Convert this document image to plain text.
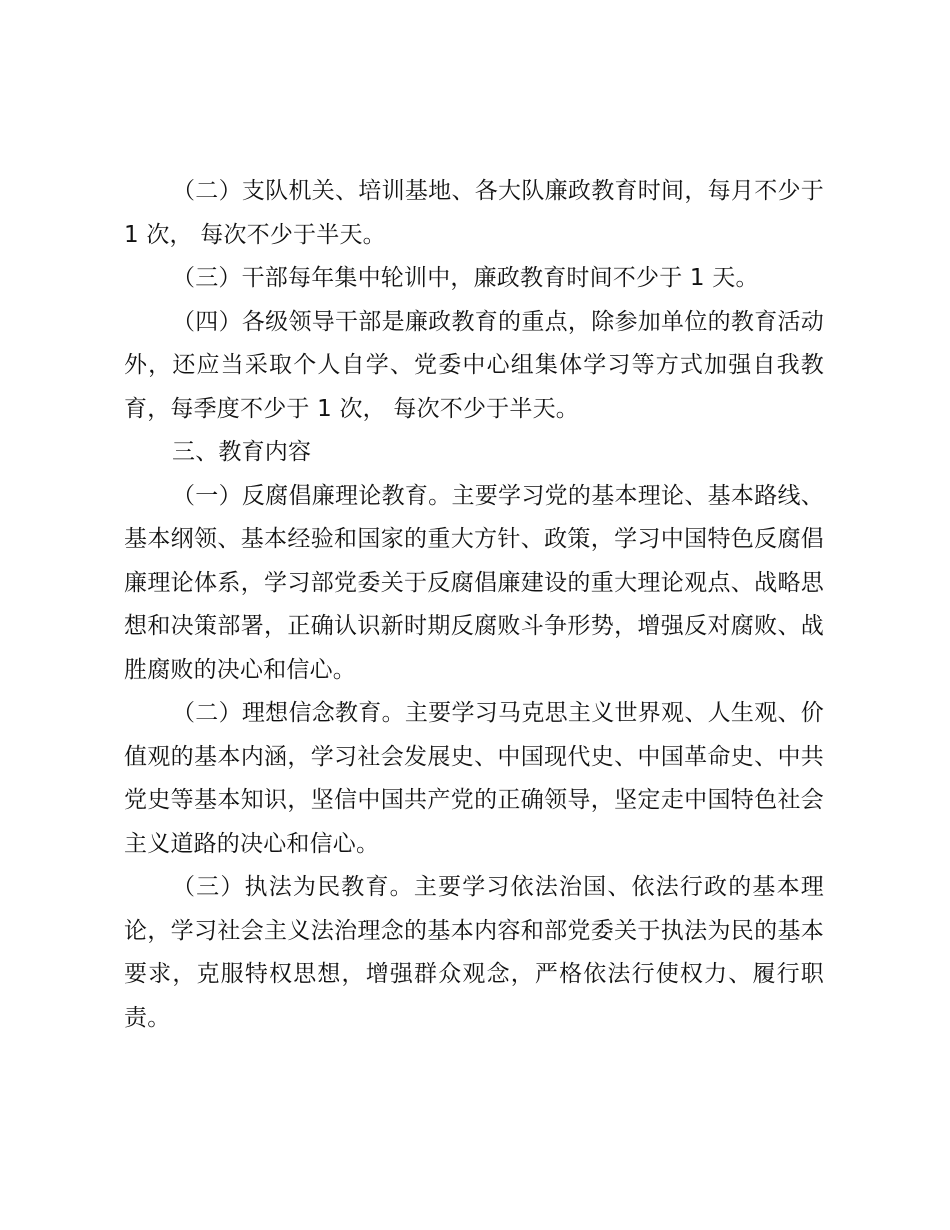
（二）支队机关、培训基地、各大队廉政教育时间，每月不少于 1 次， 每次不少于半天。

（三）干部每年集中轮训中，廉政教育时间不少于 1 天。

（四）各级领导干部是廉政教育的重点，除参加单位的教育活动外，还应当采取个人自学、党委中心组集体学习等方式加强自我教育，每季度不少于 1 次， 每次不少于半天。

三、教育内容

（一）反腐倡廉理论教育。主要学习党的基本理论、基本路线、基本纲领、基本经验和国家的重大方针、政策，学习中国特色反腐倡廉理论体系，学习部党委关于反腐倡廉建设的重大理论观点、战略思想和决策部署，正确认识新时期反腐败斗争形势，增强反对腐败、战胜腐败的决心和信心。

（二）理想信念教育。主要学习马克思主义世界观、人生观、价值观的基本内涵，学习社会发展史、中国现代史、中国革命史、中共党史等基本知识，坚信中国共产党的正确领导，坚定走中国特色社会主义道路的决心和信心。

（三）执法为民教育。主要学习依法治国、依法行政的基本理论，学习社会主义法治理念的基本内容和部党委关于执法为民的基本要求，克服特权思想，增强群众观念，严格依法行使权力、履行职责。
